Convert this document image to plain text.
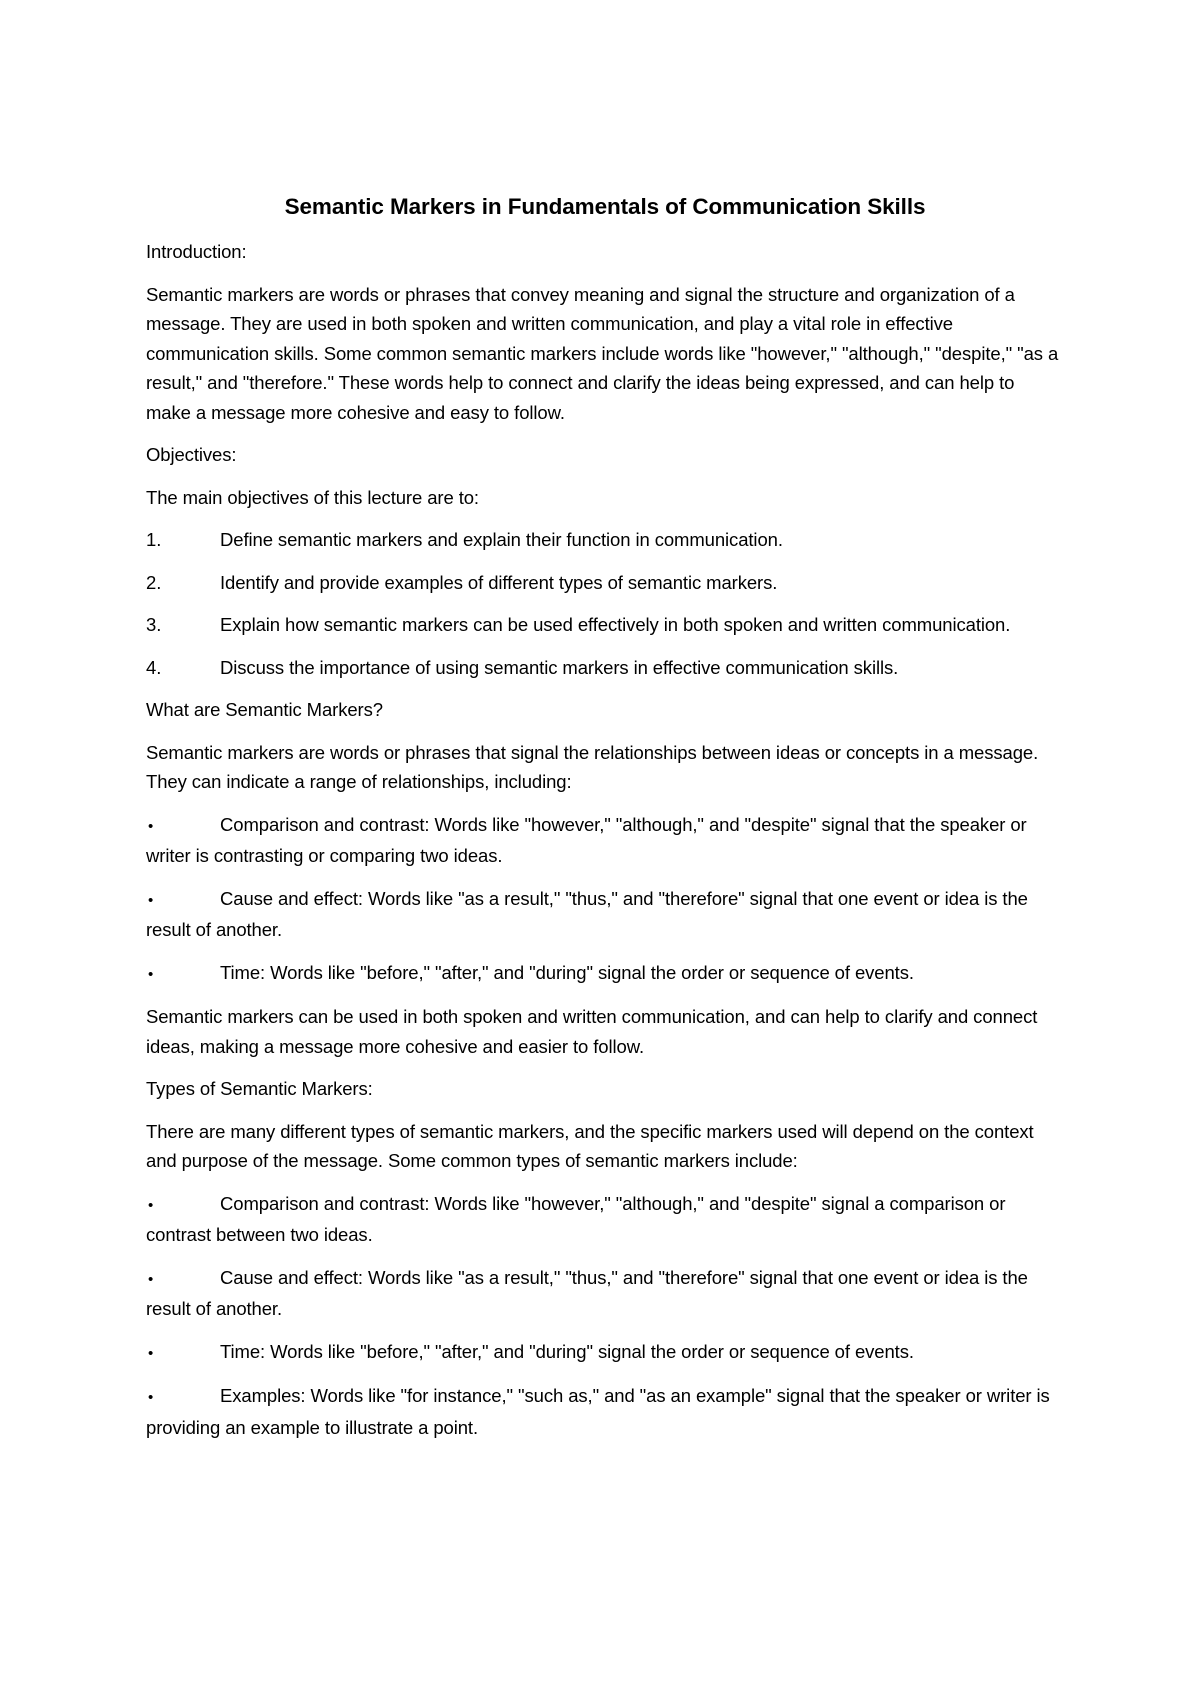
Semantic Markers in Fundamentals of Communication Skills

Introduction:

Semantic markers are words or phrases that convey meaning and signal the structure and organization of a message. They are used in both spoken and written communication, and play a vital role in effective communication skills. Some common semantic markers include words like "however," "although," "despite," "as a result," and "therefore." These words help to connect and clarify the ideas being expressed, and can help to make a message more cohesive and easy to follow.

Objectives:

The main objectives of this lecture are to:

1.	Define semantic markers and explain their function in communication.
2.	Identify and provide examples of different types of semantic markers.
3.	Explain how semantic markers can be used effectively in both spoken and written communication.
4.	Discuss the importance of using semantic markers in effective communication skills.

What are Semantic Markers?

Semantic markers are words or phrases that signal the relationships between ideas or concepts in a message. They can indicate a range of relationships, including:

•	Comparison and contrast: Words like "however," "although," and "despite" signal that the speaker or writer is contrasting or comparing two ideas.
•	Cause and effect: Words like "as a result," "thus," and "therefore" signal that one event or idea is the result of another.
•	Time: Words like "before," "after," and "during" signal the order or sequence of events.

Semantic markers can be used in both spoken and written communication, and can help to clarify and connect ideas, making a message more cohesive and easier to follow.

Types of Semantic Markers:

There are many different types of semantic markers, and the specific markers used will depend on the context and purpose of the message. Some common types of semantic markers include:

•	Comparison and contrast: Words like "however," "although," and "despite" signal a comparison or contrast between two ideas.
•	Cause and effect: Words like "as a result," "thus," and "therefore" signal that one event or idea is the result of another.
•	Time: Words like "before," "after," and "during" signal the order or sequence of events.
•	Examples: Words like "for instance," "such as," and "as an example" signal that the speaker or writer is providing an example to illustrate a point.
